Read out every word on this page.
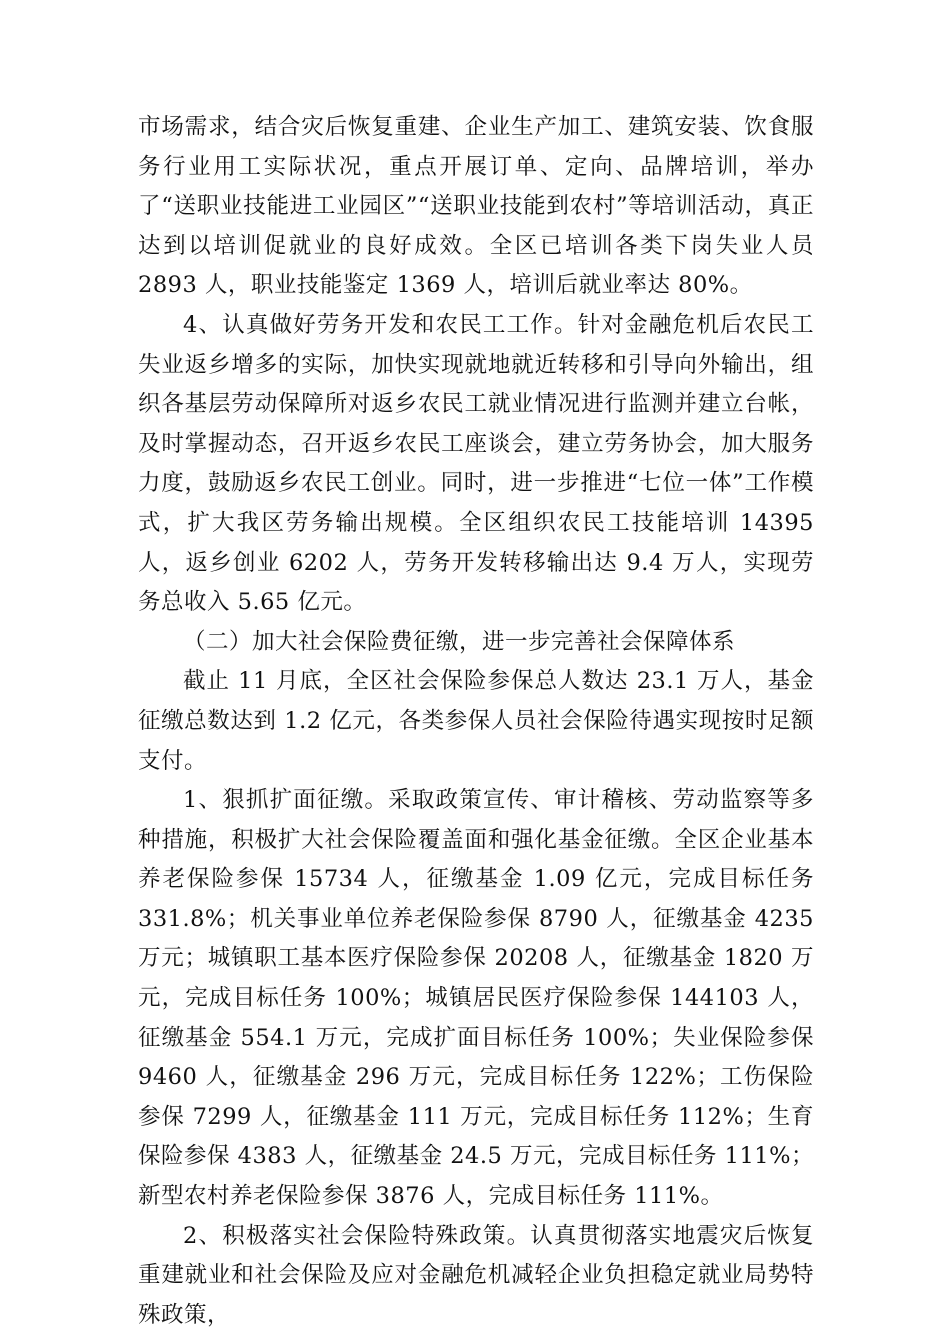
市场需求，结合灾后恢复重建、企业生产加工、建筑安装、饮食服务行业用工实际状况，重点开展订单、定向、品牌培训，举办了“送职业技能进工业园区”“送职业技能到农村”等培训活动，真正达到以培训促就业的良好成效。全区已培训各类下岗失业人员 2893 人，职业技能鉴定 1369 人，培训后就业率达 80%。

4、认真做好劳务开发和农民工工作。针对金融危机后农民工失业返乡增多的实际，加快实现就地就近转移和引导向外输出，组织各基层劳动保障所对返乡农民工就业情况进行监测并建立台帐，及时掌握动态，召开返乡农民工座谈会，建立劳务协会，加大服务力度，鼓励返乡农民工创业。同时，进一步推进“七位一体”工作模式，扩大我区劳务输出规模。全区组织农民工技能培训 14395 人，返乡创业 6202 人，劳务开发转移输出达 9.4 万人，实现劳务总收入 5.65 亿元。

（二）加大社会保险费征缴，进一步完善社会保障体系

截止 11 月底，全区社会保险参保总人数达 23.1 万人，基金征缴总数达到 1.2 亿元，各类参保人员社会保险待遇实现按时足额支付。

1、狠抓扩面征缴。采取政策宣传、审计稽核、劳动监察等多种措施，积极扩大社会保险覆盖面和强化基金征缴。全区企业基本养老保险参保 15734 人，征缴基金 1.09 亿元，完成目标任务 331.8%；机关事业单位养老保险参保 8790 人，征缴基金 4235 万元；城镇职工基本医疗保险参保 20208 人，征缴基金 1820 万元，完成目标任务 100%；城镇居民医疗保险参保 144103 人，征缴基金 554.1 万元，完成扩面目标任务 100%；失业保险参保 9460 人，征缴基金 296 万元，完成目标任务 122%；工伤保险参保 7299 人，征缴基金 111 万元，完成目标任务 112%；生育保险参保 4383 人，征缴基金 24.5 万元，完成目标任务 111%；新型农村养老保险参保 3876 人，完成目标任务 111%。

2、积极落实社会保险特殊政策。认真贯彻落实地震灾后恢复重建就业和社会保险及应对金融危机减轻企业负担稳定就业局势特殊政策，
